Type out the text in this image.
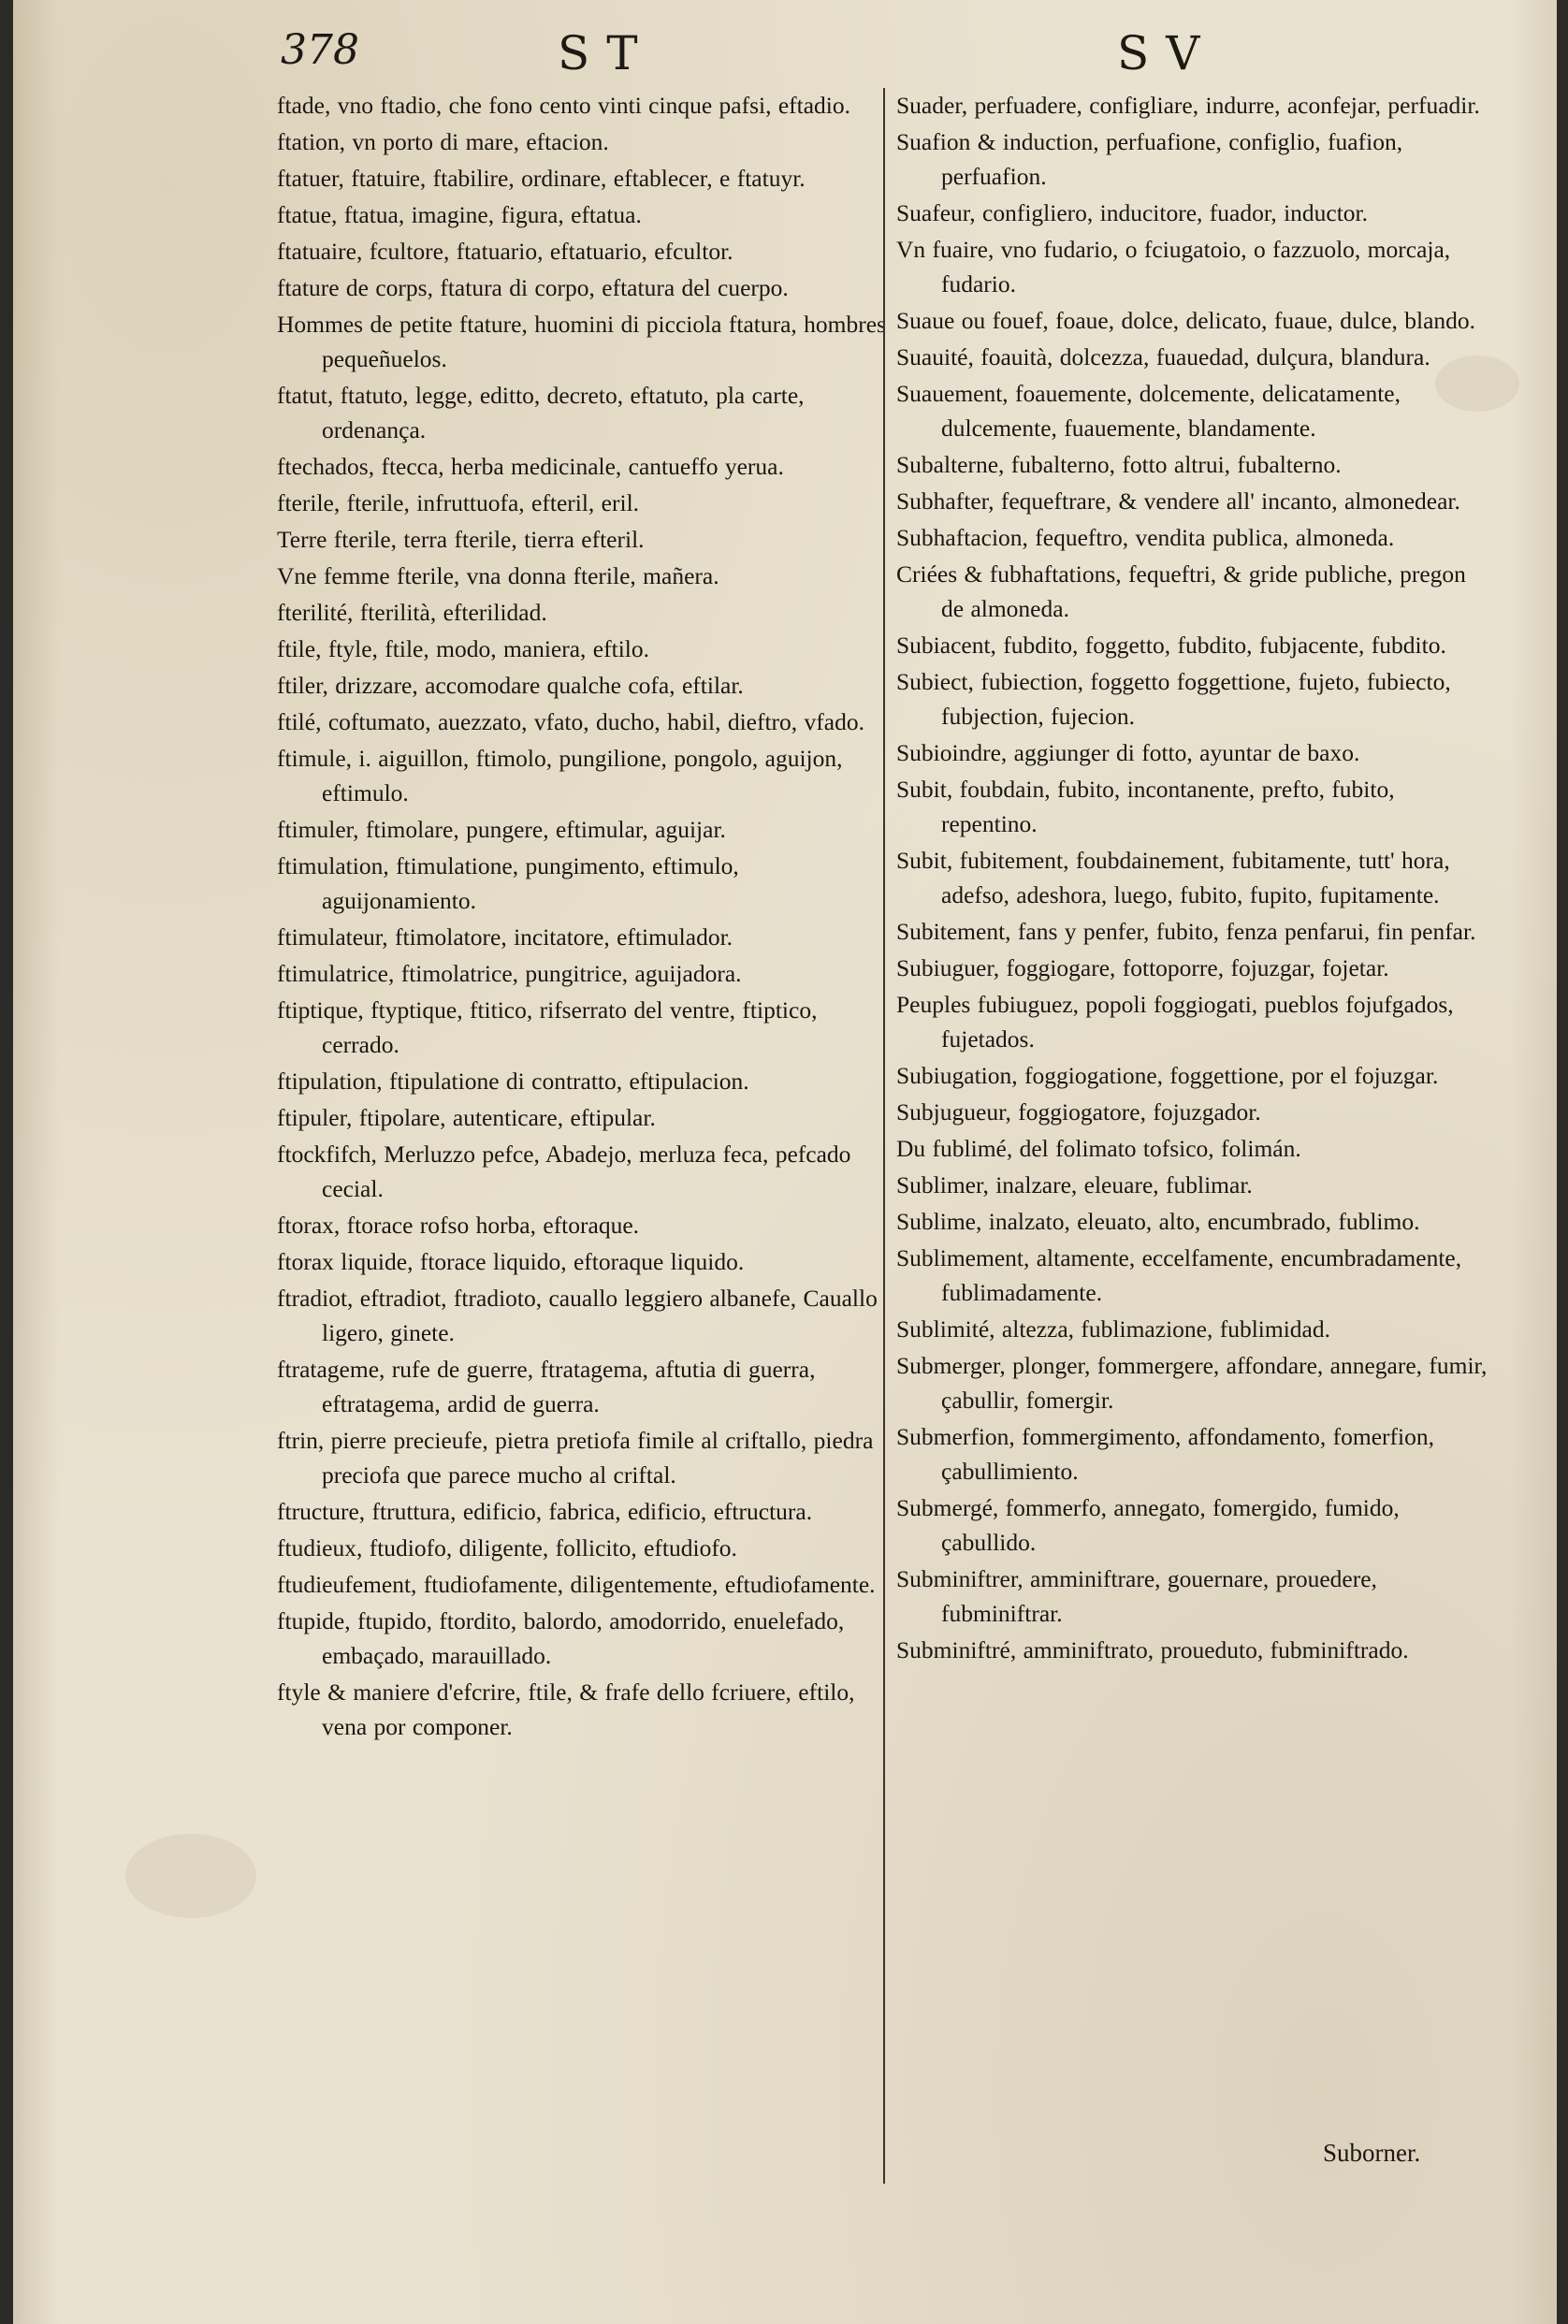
378	ST	SV

ftade, vno ftadio, che fono cento vinti cinque pafsi, eftadio.

ftation, vn porto di mare, eftacion.

ftatuer, ftatuire, ftabilire, ordinare, eftablecer, e ftatuyr.

ftatue, ftatua, imagine, figura, eftatua.

ftatuaire, fcultore, ftatuario, eftatuario, efcultor.

ftature de corps, ftatura di corpo, eftatura del cuerpo.

Hommes de petite ftature, huomini di picciola ftatura, hombres pequeñuelos.

ftatut, ftatuto, legge, editto, decreto, eftatuto, pla carte, ordenança.

ftechados, ftecca, herba medicinale, cantueffo yerua.

fterile, fterile, infruttuofa, efteril, eril.

Terre fterile, terra fterile, tierra efteril.

Vne femme fterile, vna donna fterile, mañera.

fterilité, fterilità, efterilidad.

ftile, ftyle, ftile, modo, maniera, eftilo.

ftiler, drizzare, accomodare qualche cofa, eftilar.

ftilé, coftumato, auezzato, vfato, ducho, habil, dieftro, vfado.

ftimule, i. aiguillon, ftimolo, pungilione, pongolo, aguijon, eftimulo.

ftimuler, ftimolare, pungere, eftimular, aguijar.

ftimulation, ftimulatione, pungimento, eftimulo, aguijonamiento.

ftimulateur, ftimolatore, incitatore, eftimulador.

ftimulatrice, ftimolatrice, pungitrice, aguijadora.

ftiptique, ftyptique, ftitico, rifserrato del ventre, ftiptico, cerrado.

ftipulation, ftipulatione di contratto, eftipulacion.

ftipuler, ftipolare, autenticare, eftipular.

ftockfifch, Merluzzo pefce, Abadejo, merluza feca, pefcado cecial.

ftorax, ftorace rofso horba, eftoraque.

ftorax liquide, ftorace liquido, eftoraque liquido.

ftradiot, eftradiot, ftradioto, cauallo leggiero albanefe, Cauallo ligero, ginete.

ftratageme, rufe de guerre, ftratagema, aftutia di guerra, eftratagema, ardid de guerra.

ftrin, pierre precieufe, pietra pretiofa fimile al criftallo, piedra preciofa que parece mucho al criftal.

ftructure, ftruttura, edificio, fabrica, edificio, eftructura.

ftudieux, ftudiofo, diligente, follicito, eftudiofo.

ftudieufement, ftudiofamente, diligentemente, eftudiofamente.

ftupide, ftupido, ftordito, balordo, amodorrido, enuelefado, embaçado, marauillado.

ftyle & maniere d'efcrire, ftile, & frafe dello fcriuere, eftilo, vena por componer.

Suader, perfuadere, configliare, indurre, aconfejar, perfuadir.

Suafion & induction, perfuafione, configlio, fuafion, perfuafion.

Suafeur, configliero, inducitore, fuador, inductor.

Vn fuaire, vno fudario, o fciugatoio, o fazzuolo, morcaja, fudario.

Suaue ou fouef, foaue, dolce, delicato, fuaue, dulce, blando.

Suauité, foauità, dolcezza, fuauedad, dulçura, blandura.

Suauement, foauemente, dolcemente, delicatamente, dulcemente, fuauemente, blandamente.

Subalterne, fubalterno, fotto altrui, fubalterno.

Subhafter, fequeftrare, & vendere all' incanto, almonedear.

Subhaftacion, fequeftro, vendita publica, almoneda.

Criées & fubhaftations, fequeftri, & gride publiche, pregon de almoneda.

Subiacent, fubdito, foggetto, fubdito, fubjacente, fubdito.

Subiect, fubiection, foggetto foggettione, fujeto, fubiecto, fubjection, fujecion.

Subioindre, aggiunger di fotto, ayuntar de baxo.

Subit, foubdain, fubito, incontanente, prefto, fubito, repentino.

Subit, fubitement, foubdainement, fubitamente, tutt' hora, adefso, adeshora, luego, fubito, fupito, fupitamente.

Subitement, fans y penfer, fubito, fenza penfarui, fin penfar.

Subiuguer, foggiogare, fottoporre, fojuzgar, fojetar.

Peuples fubiuguez, popoli foggiogati, pueblos fojufgados, fujetados.

Subiugation, foggiogatione, foggettione, por el fojuzgar.

Subjugueur, foggiogatore, fojuzgador.

Du fublimé, del folimato tofsico, folimán.

Sublimer, inalzare, eleuare, fublimar.

Sublime, inalzato, eleuato, alto, encumbrado, fublimo.

Sublimement, altamente, eccelfamente, encumbradamente, fublimadamente.

Sublimité, altezza, fublimazione, fublimidad.

Submerger, plonger, fommergere, affondare, annegare, fumir, çabullir, fomergir.

Submerfion, fommergimento, affondamento, fomerfion, çabullimiento.

Submergé, fommerfo, annegato, fomergido, fumido, çabullido.

Subminiftrer, amminiftrare, gouernare, prouedere, fubminiftrar.

Subminiftré, amminiftrato, proueduto, fubminiftrado.

Suborner.
